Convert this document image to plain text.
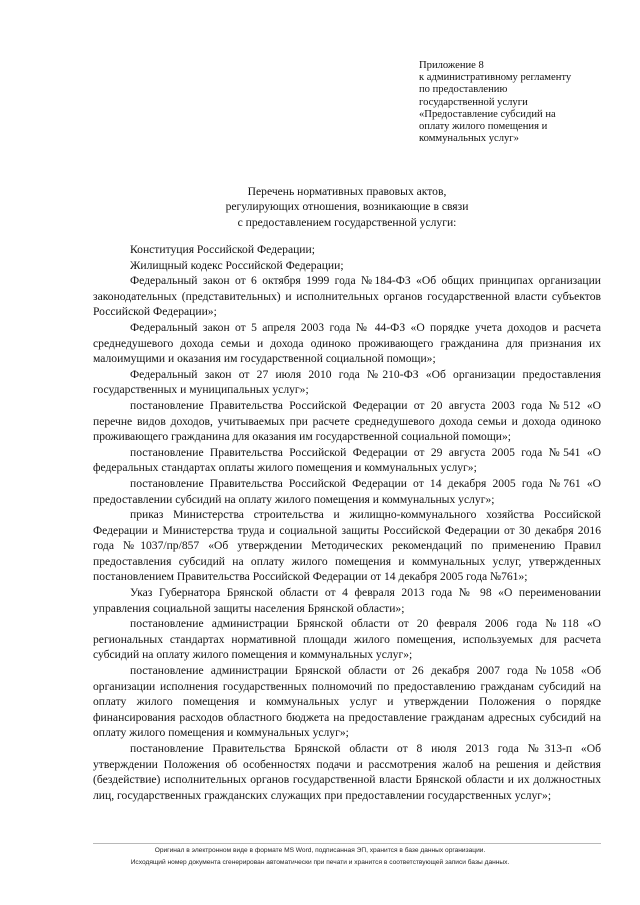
Приложение 8
к административному регламенту
по предоставлению
государственной услуги
«Предоставление субсидий на
оплату жилого помещения и
коммунальных услуг»
Перечень нормативных правовых актов,
регулирующих отношения, возникающие в связи
с предоставлением государственной услуги:

Конституция Российской Федерации;

Жилищный кодекс Российской Федерации;

Федеральный закон от 6 октября 1999 года №184-ФЗ «Об общих принципах организации законодательных (представительных) и исполнительных органов государственной власти субъектов Российской Федерации»;

Федеральный закон от 5 апреля 2003 года № 44-ФЗ «О порядке учета доходов и расчета среднедушевого дохода семьи и дохода одиноко проживающего гражданина для признания их малоимущими и оказания им государственной социальной помощи»;

Федеральный закон от 27 июля 2010 года №210-ФЗ «Об организации предоставления государственных и муниципальных услуг»;

постановление Правительства Российской Федерации от 20 августа 2003 года №512 «О перечне видов доходов, учитываемых при расчете среднедушевого дохода семьи и дохода одиноко проживающего гражданина для оказания им государственной социальной помощи»;

постановление Правительства Российской Федерации от 29 августа 2005 года №541 «О федеральных стандартах оплаты жилого помещения и коммунальных услуг»;

постановление Правительства Российской Федерации от 14 декабря 2005 года №761 «О предоставлении субсидий на оплату жилого помещения и коммунальных услуг»;

приказ Министерства строительства и жилищно-коммунального хозяйства Российской Федерации и Министерства труда и социальной защиты Российской Федерации от 30 декабря 2016 года №1037/пр/857 «Об утверждении Методических рекомендаций по применению Правил предоставления субсидий на оплату жилого помещения и коммунальных услуг, утвержденных постановлением Правительства Российской Федерации от 14 декабря 2005 года №761»;

Указ Губернатора Брянской области от 4 февраля 2013 года № 98 «О переименовании управления социальной защиты населения Брянской области»;

постановление администрации Брянской области от 20 февраля 2006 года №118 «О региональных стандартах нормативной площади жилого помещения, используемых для расчета субсидий на оплату жилого помещения и коммунальных услуг»;

постановление администрации Брянской области от 26 декабря 2007 года №1058 «Об организации исполнения государственных полномочий по предоставлению гражданам субсидий на оплату жилого помещения и коммунальных услуг и утверждении Положения о порядке финансирования расходов областного бюджета на предоставление гражданам адресных субсидий на оплату жилого помещения и коммунальных услуг»;

постановление Правительства Брянской области от 8 июля 2013 года №313-п «Об утверждении Положения об особенностях подачи и рассмотрения жалоб на решения и действия (бездействие) исполнительных органов государственной власти Брянской области и их должностных лиц, государственных гражданских служащих при предоставлении государственных услуг»;

Оригинал в электронном виде в формате MS Word, подписанная ЭП, хранится в базе данных организации.
Исходящий номер документа сгенерирован автоматически при печати и хранится в соответствующей записи базы данных.
